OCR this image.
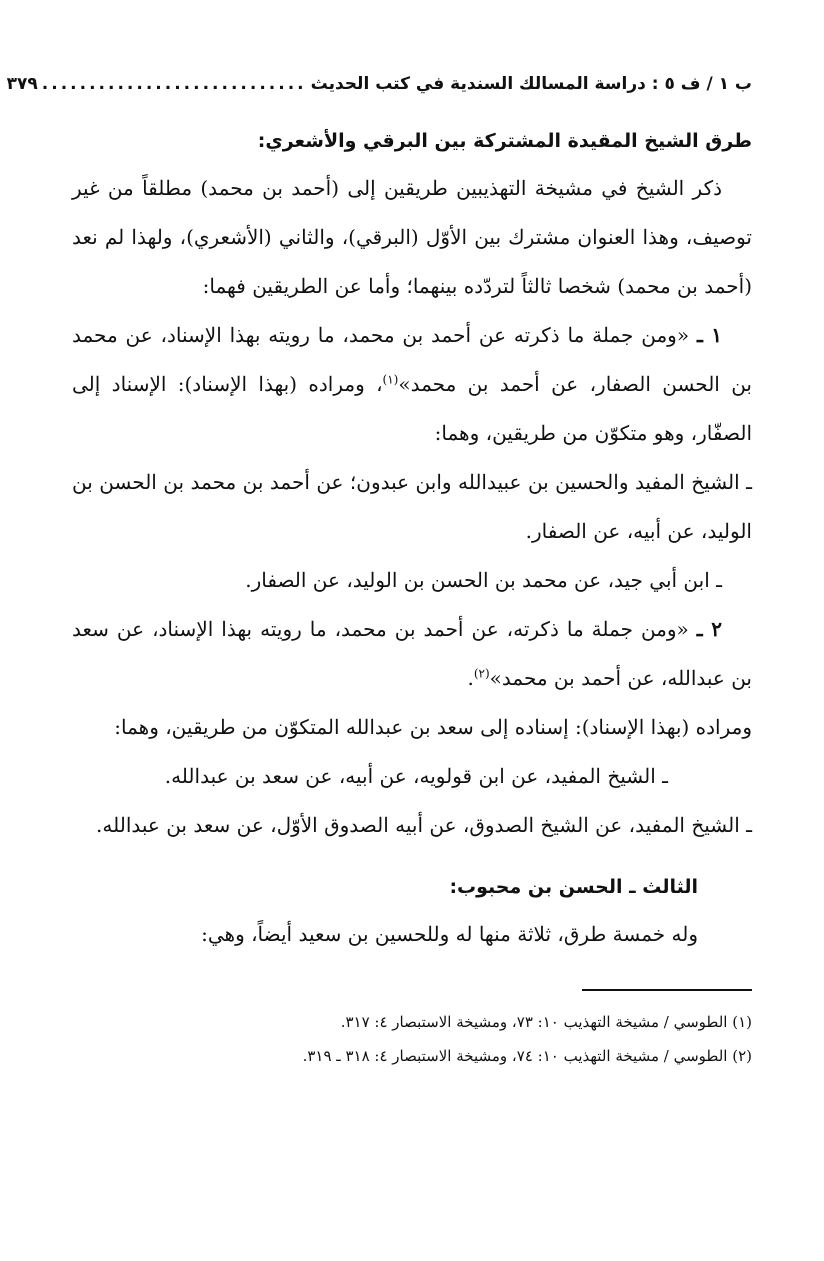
ب ١ / ف ٥ : دراسة المسالك السندية في كتب الحديث
............................
٣٧٩
طرق الشيخ المقيدة المشتركة بين البرقي والأشعري:

ذكر الشيخ في مشيخة التهذيبين طريقين إلى (أحمد بن محمد) مطلقاً من غير توصيف، وهذا العنوان مشترك بين الأوّل (البرقي)، والثاني (الأشعري)، ولهذا لم نعد (أحمد بن محمد) شخصا ثالثاً لتردّده بينهما؛ وأما عن الطريقين فهما:

١ ـ «ومن جملة ما ذكرته عن أحمد بن محمد، ما رويته بهذا الإسناد، عن محمد بن الحسن الصفار، عن أحمد بن محمد»$^{(١)}$، ومراده (بهذا الإسناد): الإسناد إلى الصفّار، وهو متكوّن من طريقين، وهما:

ـ الشيخ المفيد والحسين بن عبيدالله وابن عبدون؛ عن أحمد بن محمد بن الحسن بن الوليد، عن أبيه، عن الصفار.

ـ ابن أبي جيد، عن محمد بن الحسن بن الوليد، عن الصفار.

٢ ـ «ومن جملة ما ذكرته، عن أحمد بن محمد، ما رويته بهذا الإسناد، عن سعد بن عبدالله، عن أحمد بن محمد»$^{(٢)}$.

ومراده (بهذا الإسناد): إسناده إلى سعد بن عبدالله المتكوّن من طريقين، وهما:

ـ الشيخ المفيد، عن ابن قولويه، عن أبيه، عن سعد بن عبدالله.

ـ الشيخ المفيد، عن الشيخ الصدوق، عن أبيه الصدوق الأوّل، عن سعد بن عبدالله.

الثالث ـ الحسن بن محبوب:

وله خمسة طرق، ثلاثة منها له وللحسين بن سعيد أيضاً، وهي:

(١) الطوسي / مشيخة التهذيب ١٠: ٧٣، ومشيخة الاستبصار ٤: ٣١٧.

(٢) الطوسي / مشيخة التهذيب ١٠: ٧٤، ومشيخة الاستبصار ٤: ٣١٨ ـ ٣١٩.
